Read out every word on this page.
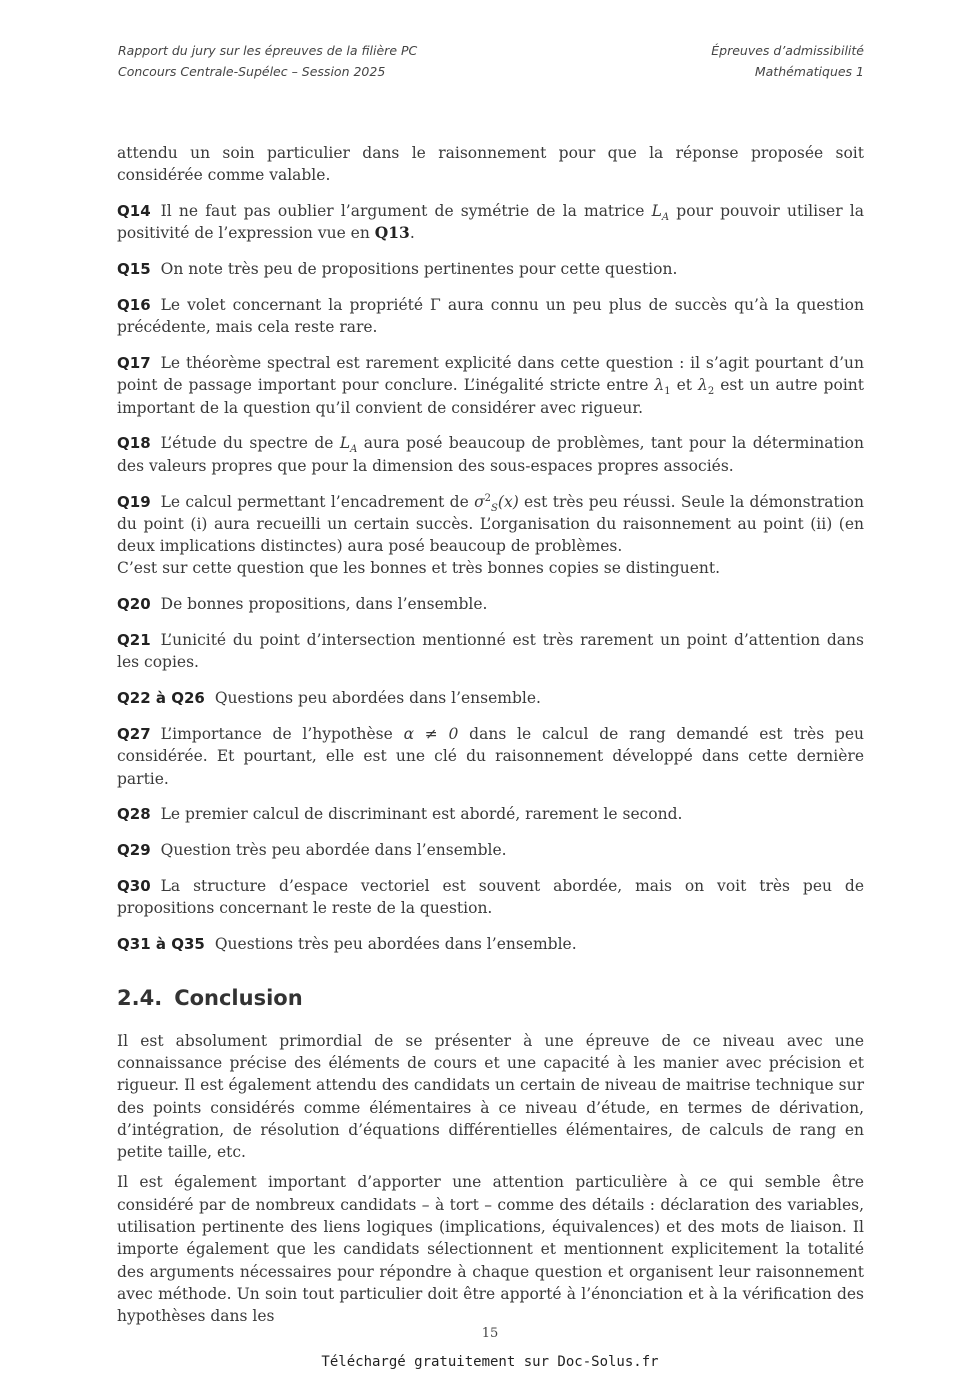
Rapport du jury sur les épreuves de la filière PC
Concours Centrale-Supélec – Session 2025
Épreuves d’admissibilité
Mathématiques 1

attendu un soin particulier dans le raisonnement pour que la réponse proposée soit considérée comme valable.

Q14 Il ne faut pas oublier l’argument de symétrie de la matrice $L_A$ pour pouvoir utiliser la positivité de l’expression vue en Q13.

Q15 On note très peu de propositions pertinentes pour cette question.

Q16 Le volet concernant la propriété Γ aura connu un peu plus de succès qu’à la question précédente, mais cela reste rare.

Q17 Le théorème spectral est rarement explicité dans cette question : il s’agit pourtant d’un point de passage important pour conclure. L’inégalité stricte entre $\lambda_1$ et $\lambda_2$ est un autre point important de la question qu’il convient de considérer avec rigueur.

Q18 L’étude du spectre de $L_A$ aura posé beaucoup de problèmes, tant pour la détermination des valeurs propres que pour la dimension des sous-espaces propres associés.

Q19 Le calcul permettant l’encadrement de $\sigma^2_S(x)$ est très peu réussi. Seule la démonstration du point (i) aura recueilli un certain succès. L’organisation du raisonnement au point (ii) (en deux implications distinctes) aura posé beaucoup de problèmes.
C’est sur cette question que les bonnes et très bonnes copies se distinguent.

Q20 De bonnes propositions, dans l’ensemble.

Q21 L’unicité du point d’intersection mentionné est très rarement un point d’attention dans les copies.

Q22 à Q26 Questions peu abordées dans l’ensemble.

Q27 L’importance de l’hypothèse α ≠ 0 dans le calcul de rang demandé est très peu considérée. Et pourtant, elle est une clé du raisonnement développé dans cette dernière partie.

Q28 Le premier calcul de discriminant est abordé, rarement le second.

Q29 Question très peu abordée dans l’ensemble.

Q30 La structure d’espace vectoriel est souvent abordée, mais on voit très peu de propositions concernant le reste de la question.

Q31 à Q35 Questions très peu abordées dans l’ensemble.

2.4. Conclusion

Il est absolument primordial de se présenter à une épreuve de ce niveau avec une connaissance précise des éléments de cours et une capacité à les manier avec précision et rigueur. Il est également attendu des candidats un certain de niveau de maitrise technique sur des points considérés comme élémentaires à ce niveau d’étude, en termes de dérivation, d’intégration, de résolution d’équations différentielles élémentaires, de calculs de rang en petite taille, etc.

Il est également important d’apporter une attention particulière à ce qui semble être considéré par de nombreux candidats – à tort – comme des détails : déclaration des variables, utilisation pertinente des liens logiques (implications, équivalences) et des mots de liaison. Il importe également que les candidats sélectionnent et mentionnent explicitement la totalité des arguments nécessaires pour répondre à chaque question et organisent leur raisonnement avec méthode. Un soin tout particulier doit être apporté à l’énonciation et à la vérification des hypothèses dans les

15
Téléchargé gratuitement sur Doc-Solus.fr
